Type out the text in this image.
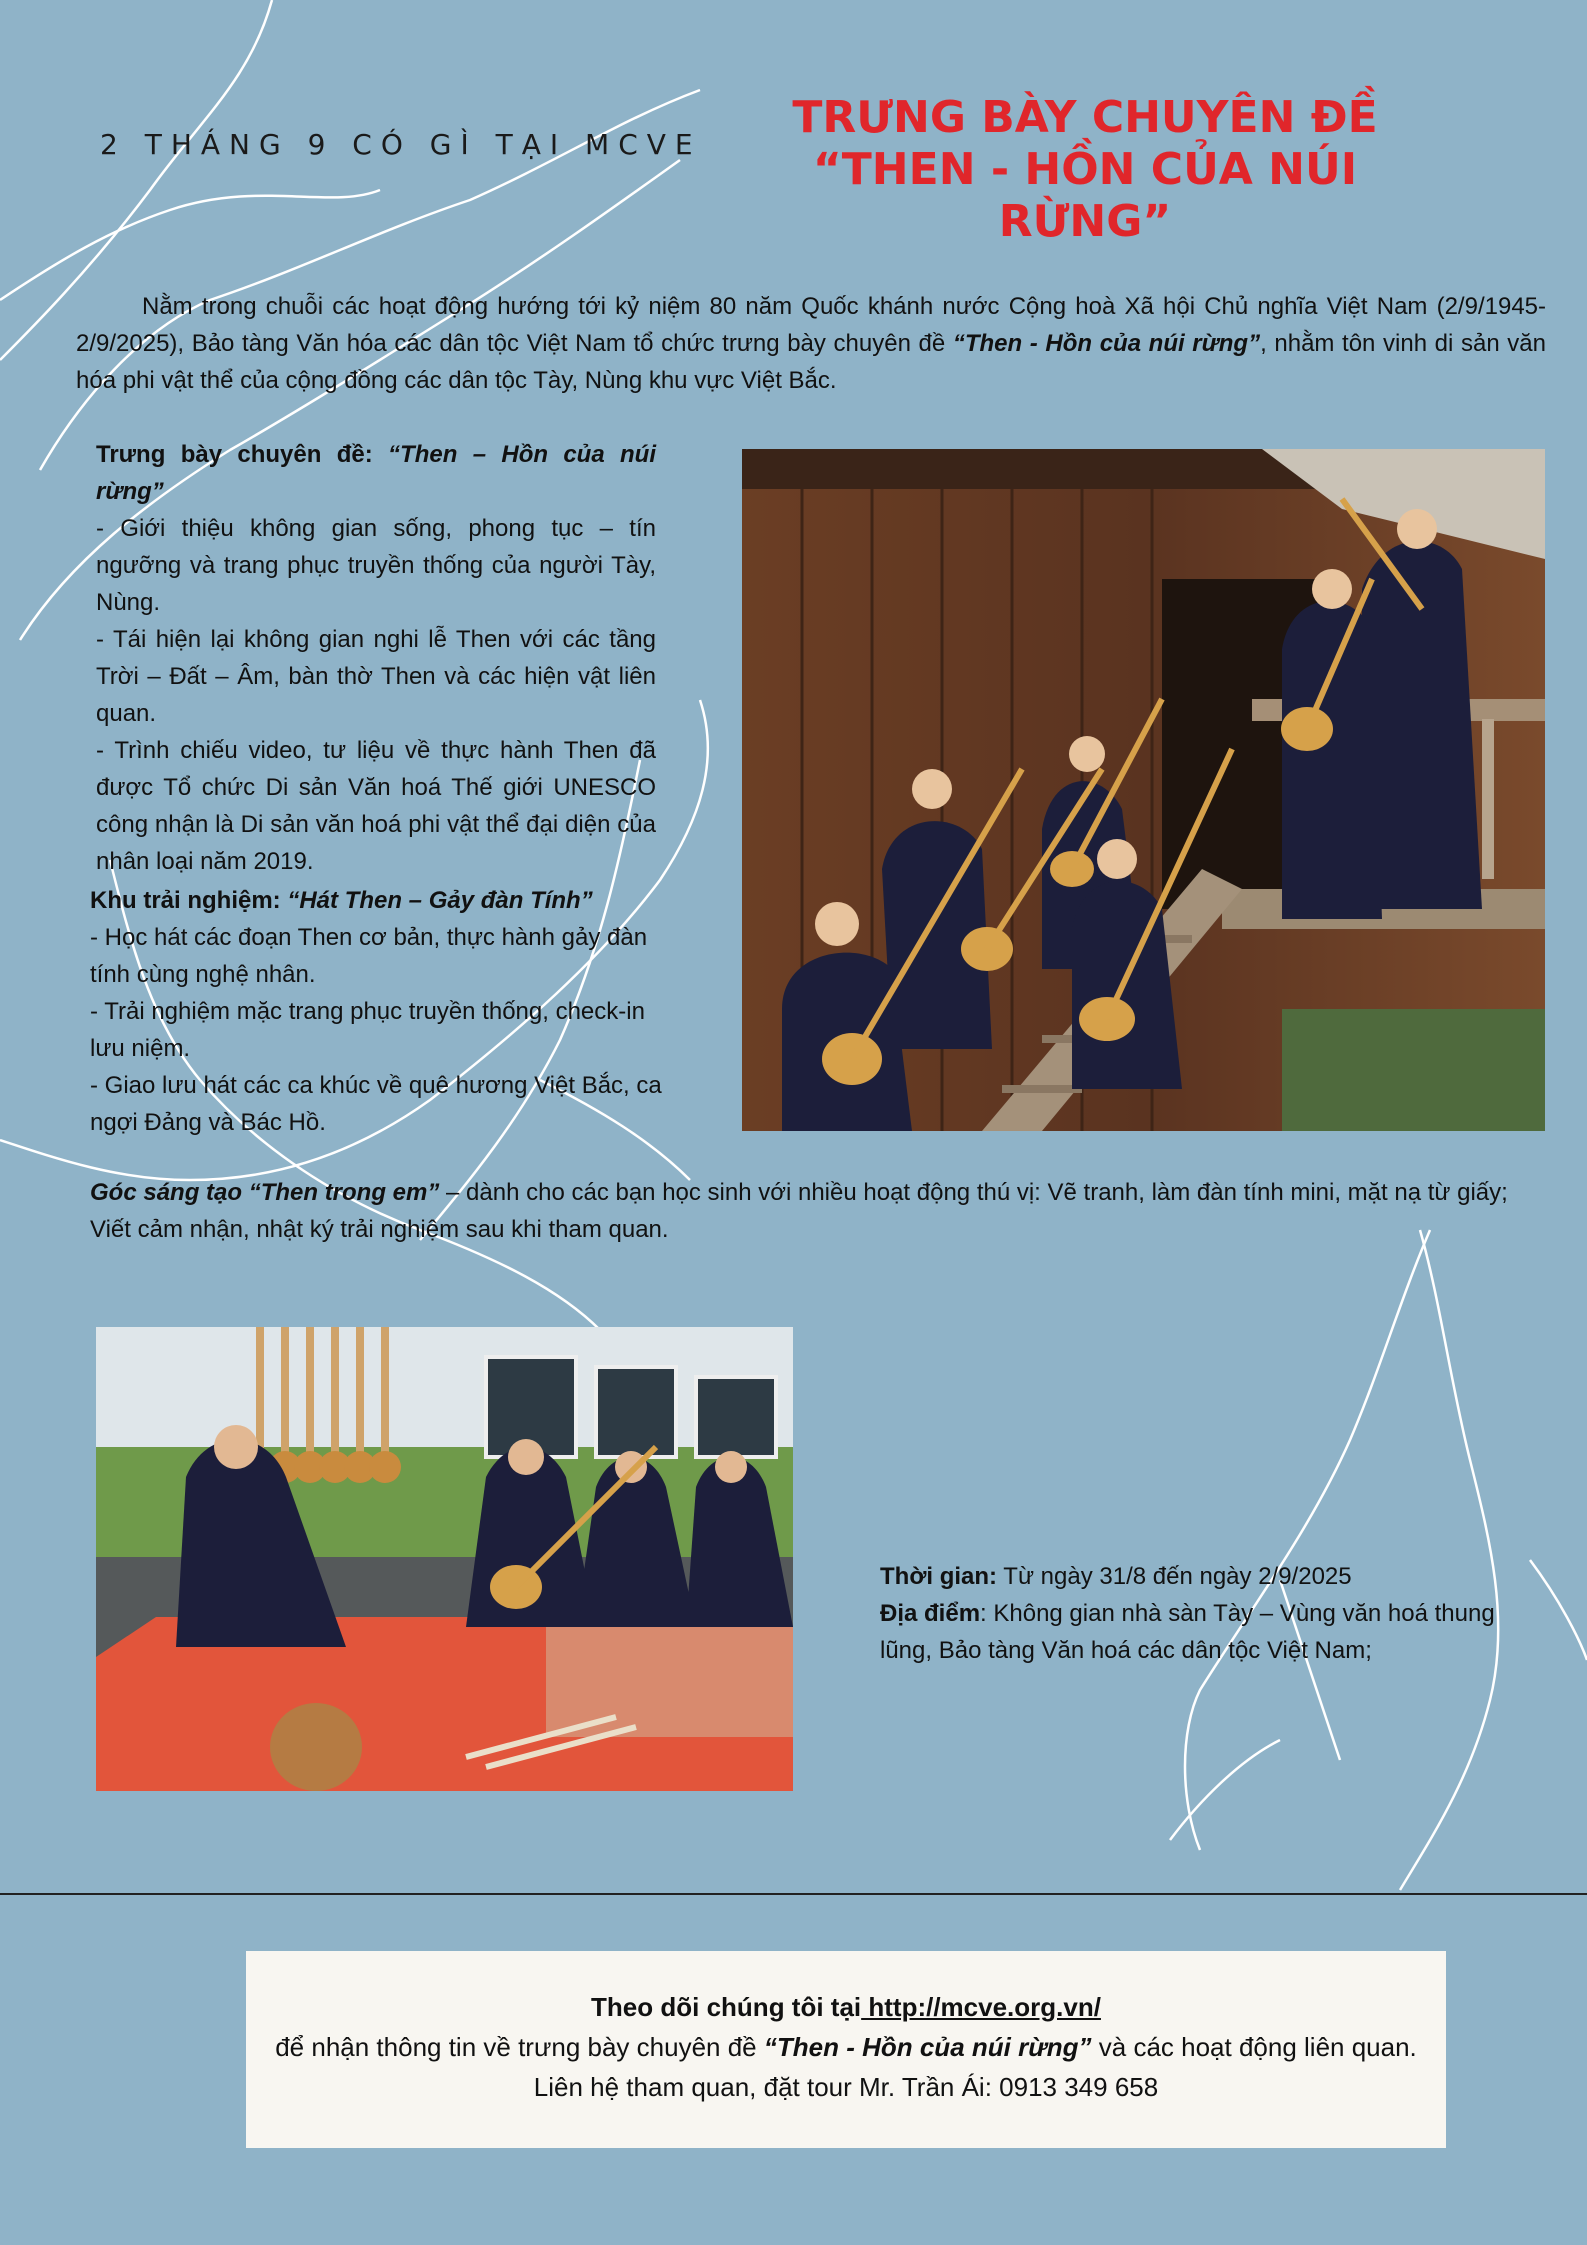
2 THÁNG 9 CÓ GÌ TẠI MCVE
TRƯNG BÀY CHUYÊN ĐỀ
“THEN - HỒN CỦA NÚI RỪNG”
Nằm trong chuỗi các hoạt động hướng tới kỷ niệm 80 năm Quốc khánh nước Cộng hoà Xã hội Chủ nghĩa Việt Nam (2/9/1945-2/9/2025), Bảo tàng Văn hóa các dân tộc Việt Nam tổ chức trưng bày chuyên đề “Then - Hồn của núi rừng”, nhằm tôn vinh di sản văn hóa phi vật thể của cộng đồng các dân tộc Tày, Nùng khu vực Việt Bắc.

Trưng bày chuyên đề: “Then – Hồn của núi rừng”

- Giới thiệu không gian sống, phong tục – tín ngưỡng và trang phục truyền thống của người Tày, Nùng.

- Tái hiện lại không gian nghi lễ Then với các tầng Trời – Đất – Âm, bàn thờ Then và các hiện vật liên quan.

- Trình chiếu video, tư liệu về thực hành Then đã được Tổ chức Di sản Văn hoá Thế giới UNESCO công nhận là Di sản văn hoá phi vật thể đại diện của nhân loại năm 2019.

Khu trải nghiệm: “Hát Then – Gảy đàn Tính”

- Học hát các đoạn Then cơ bản, thực hành gảy đàn tính cùng nghệ nhân.

- Trải nghiệm mặc trang phục truyền thống, check-in lưu niệm.

- Giao lưu hát các ca khúc về quê hương Việt Bắc, ca ngợi Đảng và Bác Hồ.

Góc sáng tạo “Then trong em” – dành cho các bạn học sinh với nhiều hoạt động thú vị: Vẽ tranh, làm đàn tính mini, mặt nạ từ giấy; Viết cảm nhận, nhật ký trải nghiệm sau khi tham quan.

Thời gian: Từ ngày 31/8 đến ngày 2/9/2025

Địa điểm: Không gian nhà sàn Tày – Vùng văn hoá thung lũng, Bảo tàng Văn hoá các dân tộc Việt Nam;

Theo dõi chúng tôi tại http://mcve.org.vn/

để nhận thông tin về trưng bày chuyên đề “Then - Hồn của núi rừng” và các hoạt động liên quan.

Liên hệ tham quan, đặt tour Mr. Trần Ái: 0913 349 658
